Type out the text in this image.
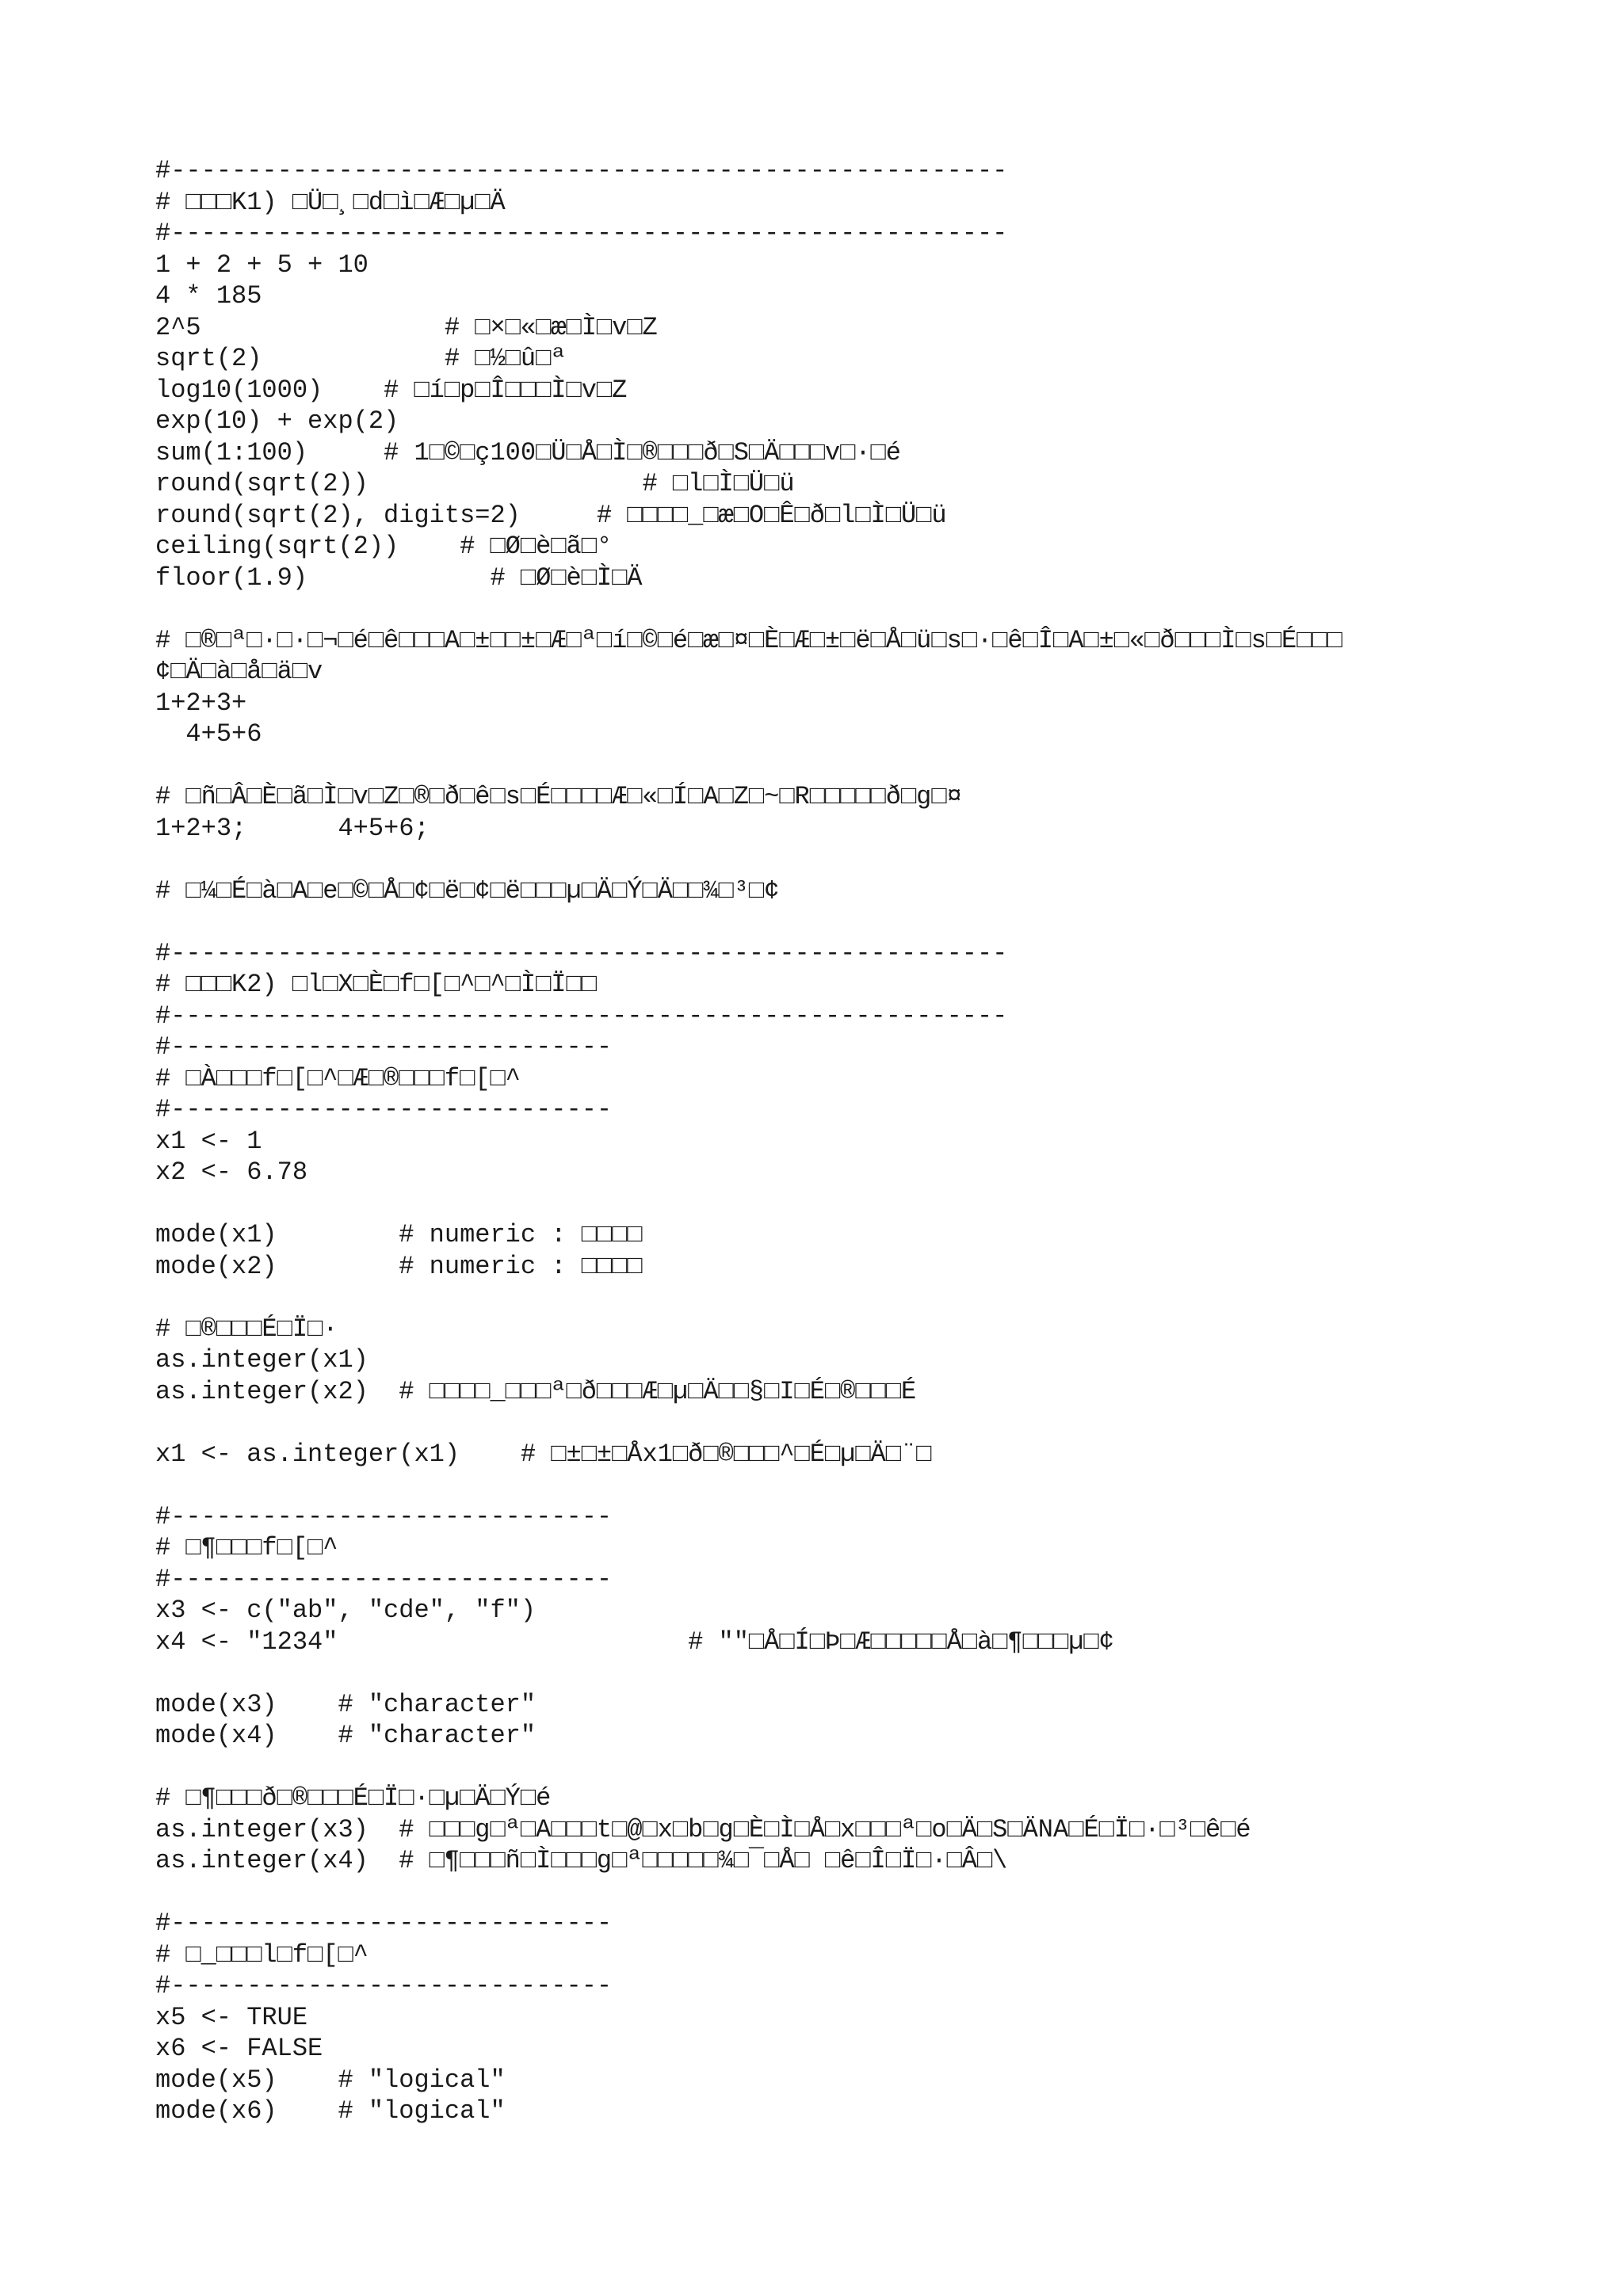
#-------------------------------------------------------
# □□□K1) □Ü□¸□d□ì□Æ□µ□Ä
#-------------------------------------------------------
1 + 2 + 5 + 10
4 * 185
2^5                # □×□«□æ□Ì□v□Z
sqrt(2)            # □½□û□ª
log10(1000)    # □í□p□Î□□□Ì□v□Z
exp(10) + exp(2)
sum(1:100)     # 1□©□ç100□Ü□Å□Ì□®□□□ð□S□Ä□□□v□·□é
round(sqrt(2))                  # □l□Ì□Ü□ü
round(sqrt(2), digits=2)     # □□□□_□æ□O□Ê□ð□l□Ì□Ü□ü
ceiling(sqrt(2))    # □Ø□è□ã□°
floor(1.9)            # □Ø□è□Ì□Ä
# □®□ª□·□·□¬□é□ê□□□A□±□□±□Æ□ª□í□©□é□æ□¤□È□Æ□±□ë□Å□ü□s□·□ê□Î□A□±□«□ð□□□Ì□s□É□□□
¢□Ä□à□å□ä□v
1+2+3+
4+5+6
# □ñ□Â□È□ã□Ì□v□Z□®□ð□ê□s□É□□□□Æ□«□Í□A□Z□~□R□□□□□ð□g□¤
1+2+3;      4+5+6;
# □¼□É□à□A□e□©□Å□¢□ë□¢□ë□□□µ□Ä□Ý□Ä□□¾□³□¢
#-------------------------------------------------------
# □□□K2) □l□X□È□f□[□^□^□Ì□Ï□□
#-------------------------------------------------------
#-----------------------------
# □À□□□f□[□^□Æ□®□□□f□[□^
#-----------------------------
x1 <- 1
x2 <- 6.78
mode(x1)        # numeric : □□□□
mode(x2)        # numeric : □□□□
# □®□□□É□Ï□·
as.integer(x1)
as.integer(x2)  # □□□□_□□□ª□ð□□□Æ□µ□Ä□□§□I□É□®□□□É
x1 <- as.integer(x1)    # □±□±□Åx1□ð□®□□□^□É□µ□Ä□¨□
#-----------------------------
# □¶□□□f□[□^
#-----------------------------
x3 <- c("ab", "cde", "f")
x4 <- "1234"                       # ""□Å□Í□Þ□Æ□□□□□Å□à□¶□□□µ□¢
mode(x3)    # "character"
mode(x4)    # "character"
# □¶□□□ð□®□□□É□Ï□·□µ□Ä□Ý□é
as.integer(x3)  # □□□g□ª□A□□□t□@□x□b□g□È□Ì□Å□x□□□ª□o□Ä□S□ÄNA□É□Ï□·□³□ê□é
as.integer(x4)  # □¶□□□ñ□Ì□□□g□ª□□□□□¾□¯□Å□ □ê□Î□Ï□·□Â□\
#-----------------------------
# □_□□□l□f□[□^
#-----------------------------
x5 <- TRUE
x6 <- FALSE
mode(x5)    # "logical"
mode(x6)    # "logical"
